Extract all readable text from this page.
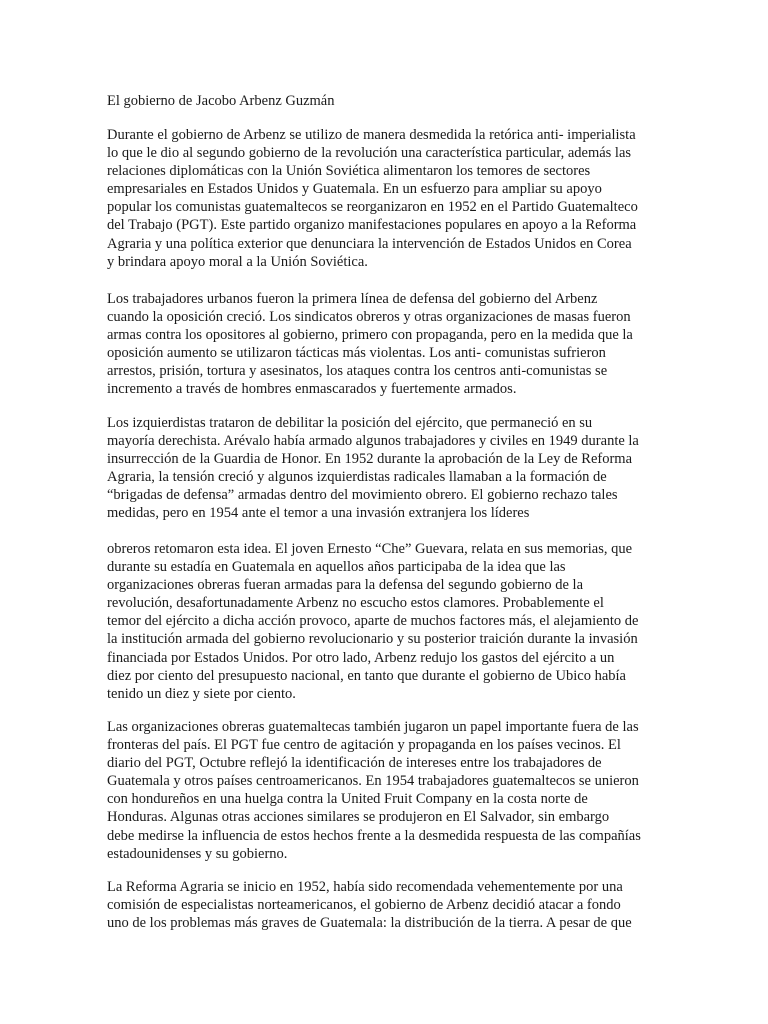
El gobierno de Jacobo Arbenz Guzmán

Durante el gobierno de Arbenz se utilizo de manera desmedida la retórica anti- imperialista
lo que le dio al segundo gobierno de la revolución una característica particular, además las
relaciones diplomáticas con la Unión Soviética alimentaron los temores de sectores
empresariales en Estados Unidos y Guatemala. En un esfuerzo para ampliar su apoyo
popular los comunistas guatemaltecos se reorganizaron en 1952 en el Partido Guatemalteco
del Trabajo (PGT). Este partido organizo manifestaciones populares en apoyo a la Reforma
Agraria y una política exterior que denunciara la intervención de Estados Unidos en Corea
y brindara apoyo moral a la Unión Soviética.

Los trabajadores urbanos fueron la primera línea de defensa del gobierno del Arbenz
cuando la oposición creció. Los sindicatos obreros y otras organizaciones de masas fueron
armas contra los opositores al gobierno, primero con propaganda, pero en la medida que la
oposición aumento se utilizaron tácticas más violentas. Los anti- comunistas sufrieron
arrestos, prisión, tortura y asesinatos, los ataques contra los centros anti-comunistas se
incremento a través de hombres enmascarados y fuertemente armados.

Los izquierdistas trataron de debilitar la posición del ejército, que permaneció en su
mayoría derechista. Arévalo había armado algunos trabajadores y civiles en 1949 durante la
insurrección de la Guardia de Honor. En 1952 durante la aprobación de la Ley de Reforma
Agraria, la tensión creció y algunos izquierdistas radicales llamaban a la formación de
“brigadas de defensa” armadas dentro del movimiento obrero. El gobierno rechazo tales
medidas, pero en 1954 ante el temor a una invasión extranjera los líderes

obreros retomaron esta idea. El joven Ernesto “Che” Guevara, relata en sus memorias, que
durante su estadía en Guatemala en aquellos años participaba de la idea que las
organizaciones obreras fueran armadas para la defensa del segundo gobierno de la
revolución, desafortunadamente Arbenz no escucho estos clamores. Probablemente el
temor del ejército a dicha acción provoco, aparte de muchos factores más, el alejamiento de
la institución armada del gobierno revolucionario y su posterior traición durante la invasión
financiada por Estados Unidos. Por otro lado, Arbenz redujo los gastos del ejército a un
diez por ciento del presupuesto nacional, en tanto que durante el gobierno de Ubico había
tenido un diez y siete por ciento.

Las organizaciones obreras guatemaltecas también jugaron un papel importante fuera de las
fronteras del país. El PGT fue centro de agitación y propaganda en los países vecinos. El
diario del PGT, Octubre reflejó la identificación de intereses entre los trabajadores de
Guatemala y otros países centroamericanos. En 1954 trabajadores guatemaltecos se unieron
con hondureños en una huelga contra la United Fruit Company en la costa norte de
Honduras. Algunas otras acciones similares se produjeron en El Salvador, sin embargo
debe medirse la influencia de estos hechos frente a la desmedida respuesta de las compañías
estadounidenses y su gobierno.

La Reforma Agraria se inicio en 1952, había sido recomendada vehementemente por una
comisión de especialistas norteamericanos, el gobierno de Arbenz decidió atacar a fondo
uno de los problemas más graves de Guatemala: la distribución de la tierra. A pesar de que
